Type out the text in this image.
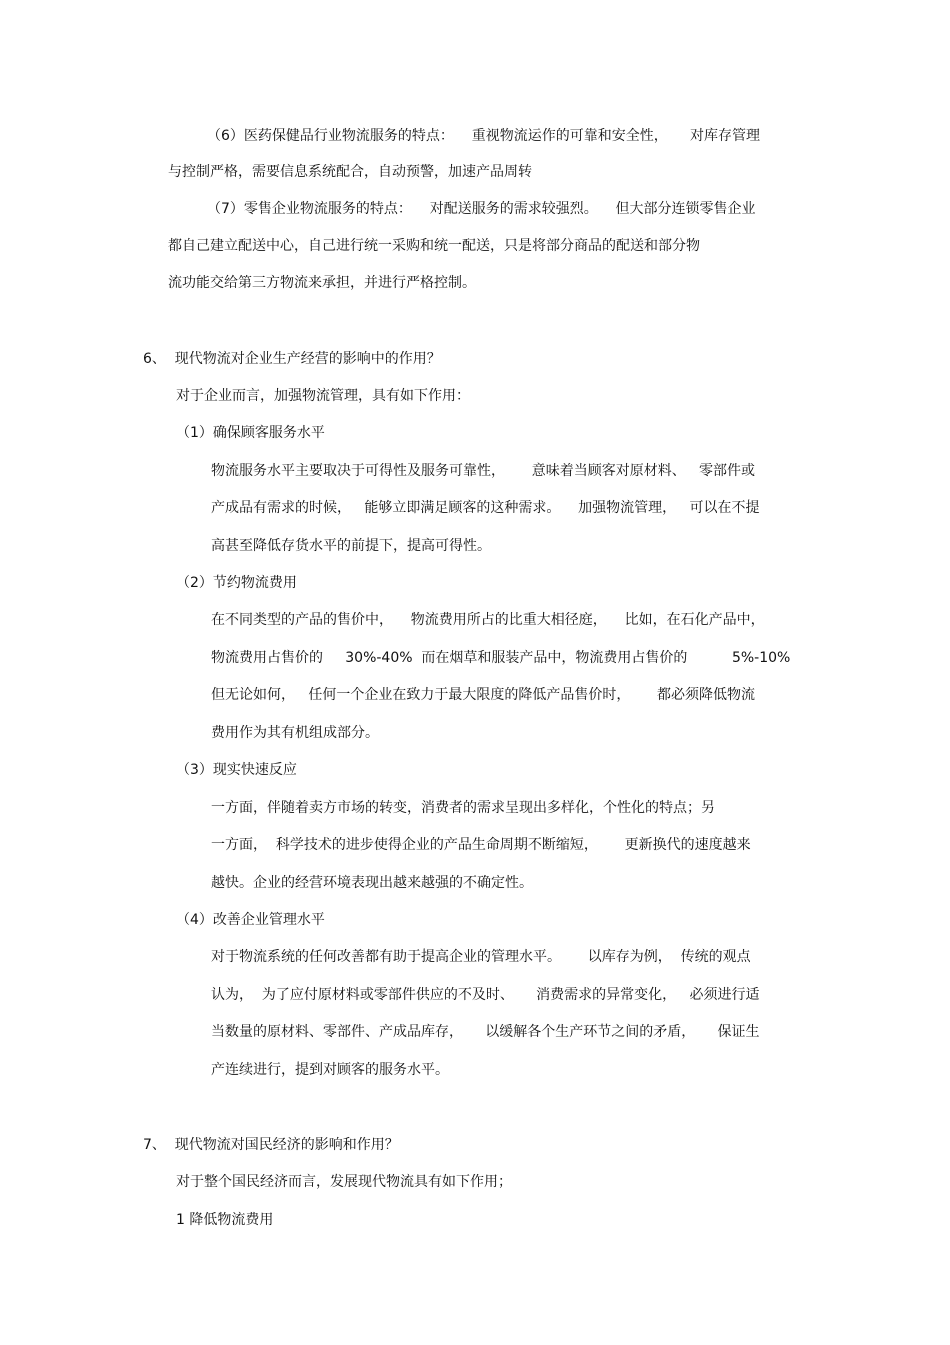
（6）医药保健品行业物流服务的特点：    重视物流运作的可靠和安全性，     对库存管理
与控制严格，需要信息系统配合，自动预警，加速产品周转
（7）零售企业物流服务的特点：    对配送服务的需求较强烈。    但大部分连锁零售企业
都自己建立配送中心，自己进行统一采购和统一配送，只是将部分商品的配送和部分物
流功能交给第三方物流来承担，并进行严格控制。
6、  现代物流对企业生产经营的影响中的作用？
对于企业而言，加强物流管理，具有如下作用：
（1）确保顾客服务水平
物流服务水平主要取决于可得性及服务可靠性，      意味着当顾客对原材料、   零部件或
产成品有需求的时候，   能够立即满足顾客的这种需求。    加强物流管理，   可以在不提
高甚至降低存货水平的前提下，提高可得性。
（2）节约物流费用
在不同类型的产品的售价中，    物流费用所占的比重大相径庭，    比如，在石化产品中，
物流费用占售价的     30%-40%  而在烟草和服装产品中，物流费用占售价的          5%-10%
但无论如何，   任何一个企业在致力于最大限度的降低产品售价时，      都必须降低物流
费用作为其有机组成部分。
（3）现实快速反应
一方面，伴随着卖方市场的转变，消费者的需求呈现出多样化，个性化的特点；另
一方面，  科学技术的进步使得企业的产品生命周期不断缩短，      更新换代的速度越来
越快。企业的经营环境表现出越来越强的不确定性。
（4）改善企业管理水平
对于物流系统的任何改善都有助于提高企业的管理水平。      以库存为例，  传统的观点
认为，  为了应付原材料或零部件供应的不及时、     消费需求的异常变化，   必须进行适
当数量的原材料、零部件、产成品库存，     以缓解各个生产环节之间的矛盾，     保证生
产连续进行，提到对顾客的服务水平。
7、  现代物流对国民经济的影响和作用？
对于整个国民经济而言，发展现代物流具有如下作用；
1 降低物流费用
